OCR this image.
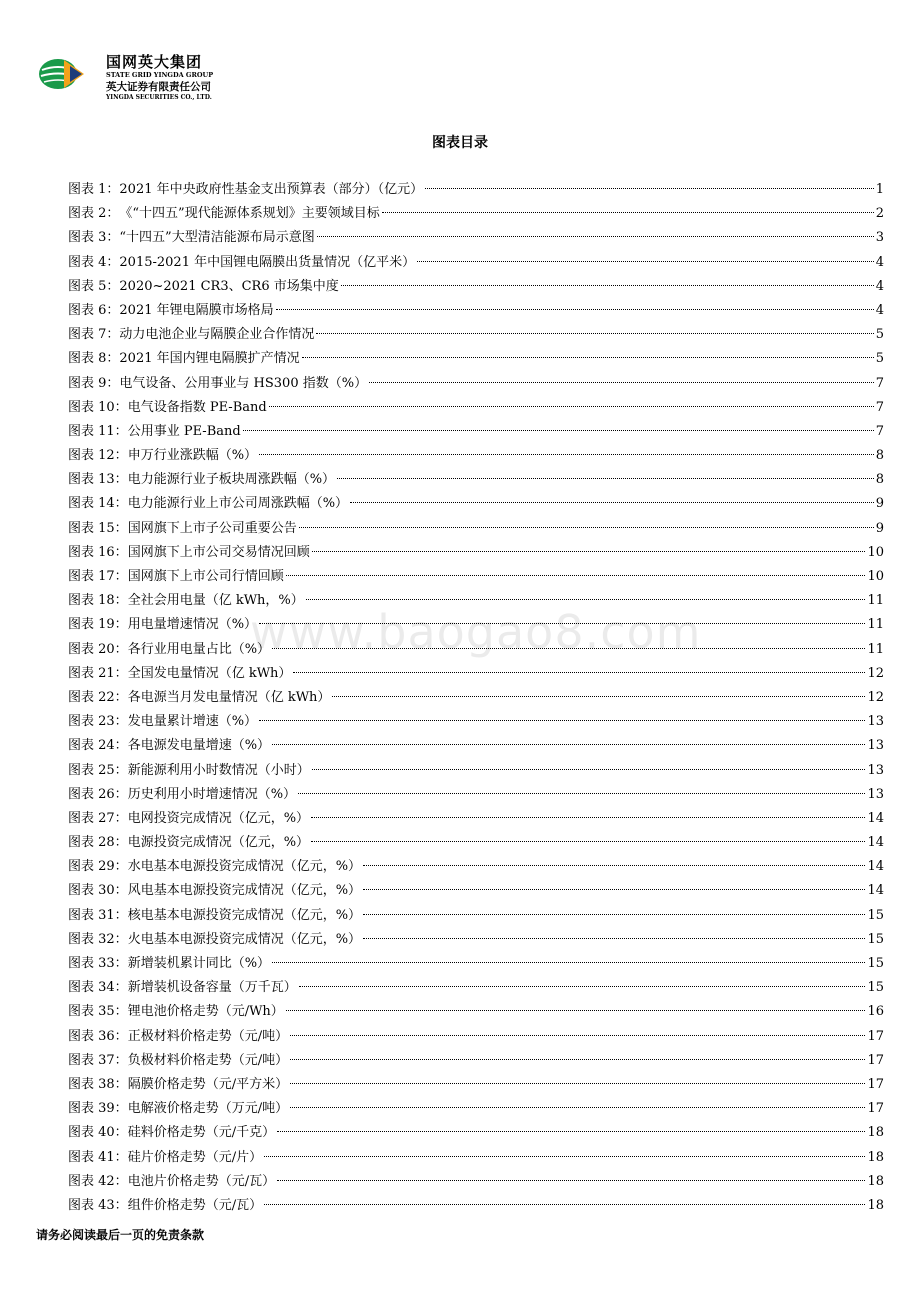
国网英大集团
STATE GRID YINGDA GROUP
英大证券有限责任公司
YINGDA SECURITIES CO., LTD.
图表目录
图表 1： 2021 年中央政府性基金支出预算表（部分）（亿元）	1
图表 2： 《“十四五”现代能源体系规划》主要领域目标	2
图表 3： “十四五”大型清洁能源布局示意图	3
图表 4： 2015-2021 年中国锂电隔膜出货量情况（亿平米）	4
图表 5： 2020~2021 CR3、CR6 市场集中度	4
图表 6： 2021 年锂电隔膜市场格局	4
图表 7： 动力电池企业与隔膜企业合作情况	5
图表 8： 2021 年国内锂电隔膜扩产情况	5
图表 9： 电气设备、公用事业与 HS300 指数（%）	7
图表 10： 电气设备指数 PE-Band	7
图表 11： 公用事业 PE-Band	7
图表 12： 申万行业涨跌幅（%）	8
图表 13： 电力能源行业子板块周涨跌幅（%）	8
图表 14： 电力能源行业上市公司周涨跌幅（%）	9
图表 15： 国网旗下上市子公司重要公告	9
图表 16： 国网旗下上市公司交易情况回顾	10
图表 17： 国网旗下上市公司行情回顾	10
图表 18： 全社会用电量（亿 kWh，%）	11
图表 19： 用电量增速情况（%）	11
图表 20： 各行业用电量占比（%）	11
图表 21： 全国发电量情况（亿 kWh）	12
图表 22： 各电源当月发电量情况（亿 kWh）	12
图表 23： 发电量累计增速（%）	13
图表 24： 各电源发电量增速（%）	13
图表 25： 新能源利用小时数情况（小时）	13
图表 26： 历史利用小时增速情况（%）	13
图表 27： 电网投资完成情况（亿元，%）	14
图表 28： 电源投资完成情况（亿元，%）	14
图表 29： 水电基本电源投资完成情况（亿元，%）	14
图表 30： 风电基本电源投资完成情况（亿元，%）	14
图表 31： 核电基本电源投资完成情况（亿元，%）	15
图表 32： 火电基本电源投资完成情况（亿元，%）	15
图表 33： 新增装机累计同比（%）	15
图表 34： 新增装机设备容量（万千瓦）	15
图表 35： 锂电池价格走势（元/Wh）	16
图表 36： 正极材料价格走势（元/吨）	17
图表 37： 负极材料价格走势（元/吨）	17
图表 38： 隔膜价格走势（元/平方米）	17
图表 39： 电解液价格走势（万元/吨）	17
图表 40： 硅料价格走势（元/千克）	18
图表 41： 硅片价格走势（元/片）	18
图表 42： 电池片价格走势（元/瓦）	18
图表 43： 组件价格走势（元/瓦）	18
www.baogao8.com
请务必阅读最后一页的免责条款
